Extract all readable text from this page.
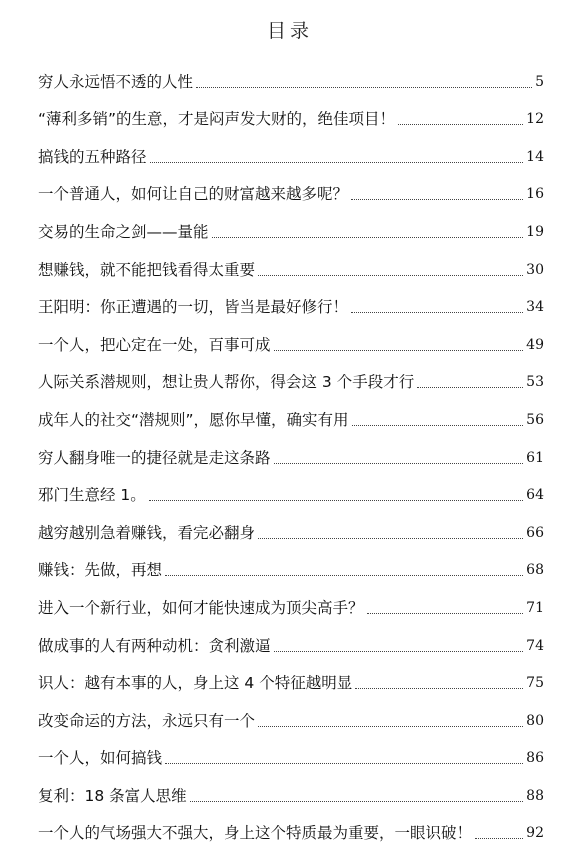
目录
穷人永远悟不透的人性	5
“薄利多销”的生意，才是闷声发大财的，绝佳项目！	12
搞钱的五种路径	14
一个普通人，如何让自己的财富越来越多呢？	16
交易的生命之剑——量能	19
想赚钱，就不能把钱看得太重要	30
王阳明：你正遭遇的一切，皆当是最好修行！	34
一个人，把心定在一处，百事可成	49
人际关系潜规则，想让贵人帮你，得会这 3 个手段才行	53
成年人的社交“潜规则”，愿你早懂，确实有用	56
穷人翻身唯一的捷径就是走这条路	61
邪门生意经 1。	64
越穷越别急着赚钱，看完必翻身	66
赚钱：先做，再想	68
进入一个新行业，如何才能快速成为顶尖高手？	71
做成事的人有两种动机：贪利激逼	74
识人：越有本事的人，身上这 4 个特征越明显	75
改变命运的方法，永远只有一个	80
一个人，如何搞钱	86
复利：18 条富人思维	88
一个人的气场强大不强大，身上这个特质最为重要，一眼识破！	92
